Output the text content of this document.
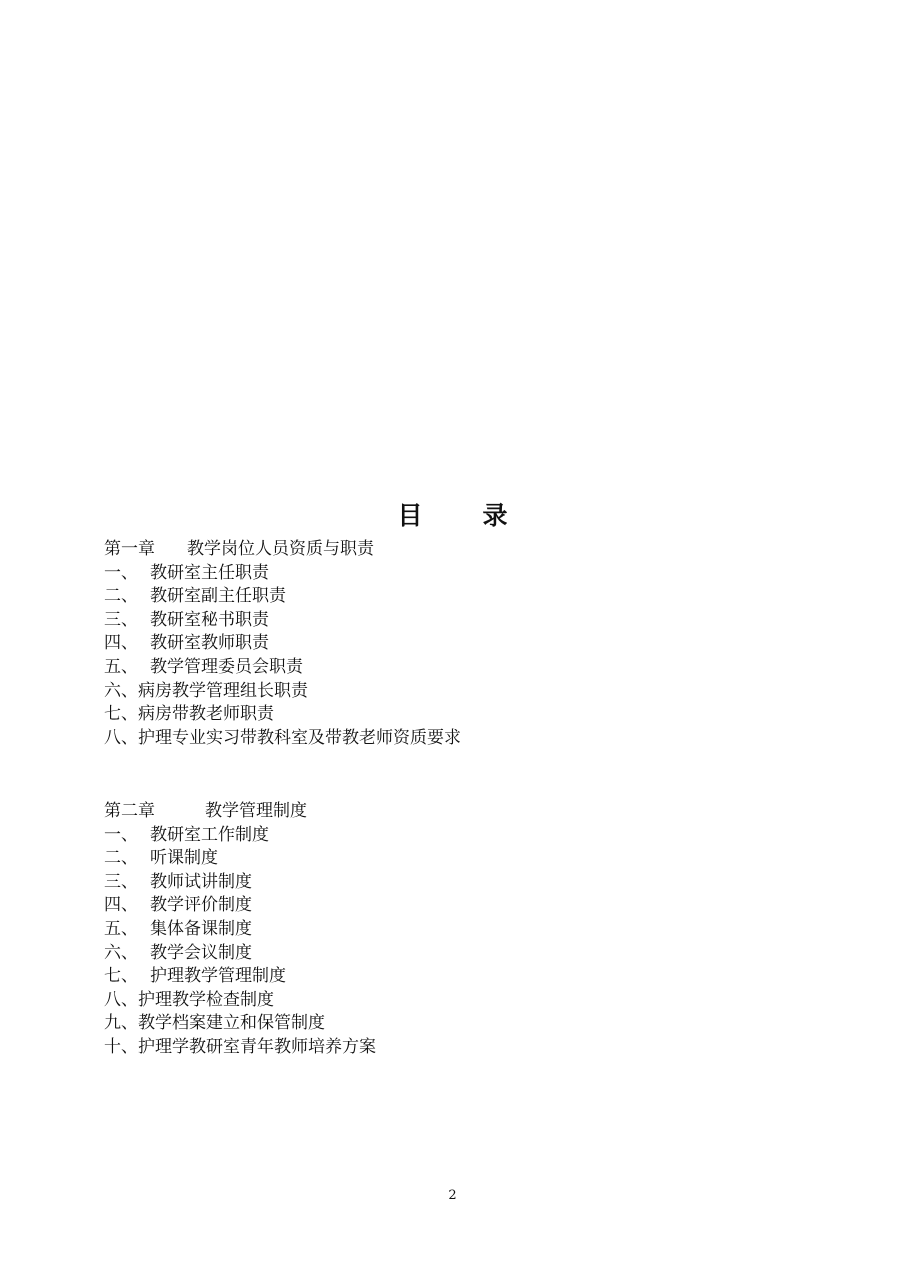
目 录
第一章 教学岗位人员资质与职责
一、 教研室主任职责
二、 教研室副主任职责
三、 教研室秘书职责
四、 教研室教师职责
五、 教学管理委员会职责
六、病房教学管理组长职责
七、病房带教老师职责
八、护理专业实习带教科室及带教老师资质要求
第二章	教学管理制度
一、 教研室工作制度
二、 听课制度
三、 教师试讲制度
四、 教学评价制度
五、 集体备课制度
六、 教学会议制度
七、 护理教学管理制度
八、护理教学检查制度
九、教学档案建立和保管制度
十、护理学教研室青年教师培养方案
2
